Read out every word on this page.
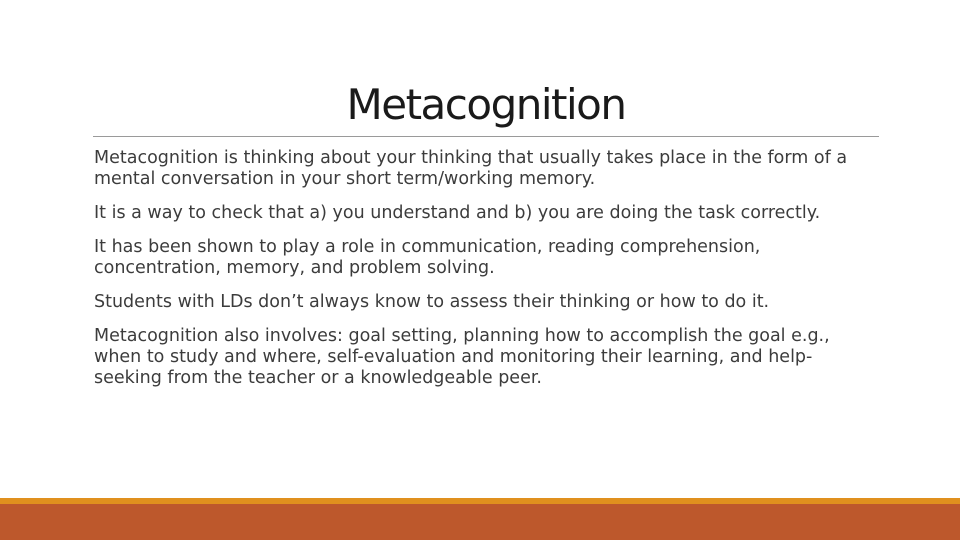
Metacognition
Metacognition is thinking about your thinking that usually takes place in the form of a mental conversation in your short term/working memory.
It is a way to check that a) you understand and b) you are doing the task correctly.
It has been shown to play a role in communication, reading comprehension, concentration, memory, and problem solving.
Students with LDs don’t always know to assess their thinking or how to do it.
Metacognition also involves: goal setting, planning how to accomplish the goal e.g., when to study and where, self-evaluation and monitoring their learning, and help-seeking from the teacher or a knowledgeable peer.
